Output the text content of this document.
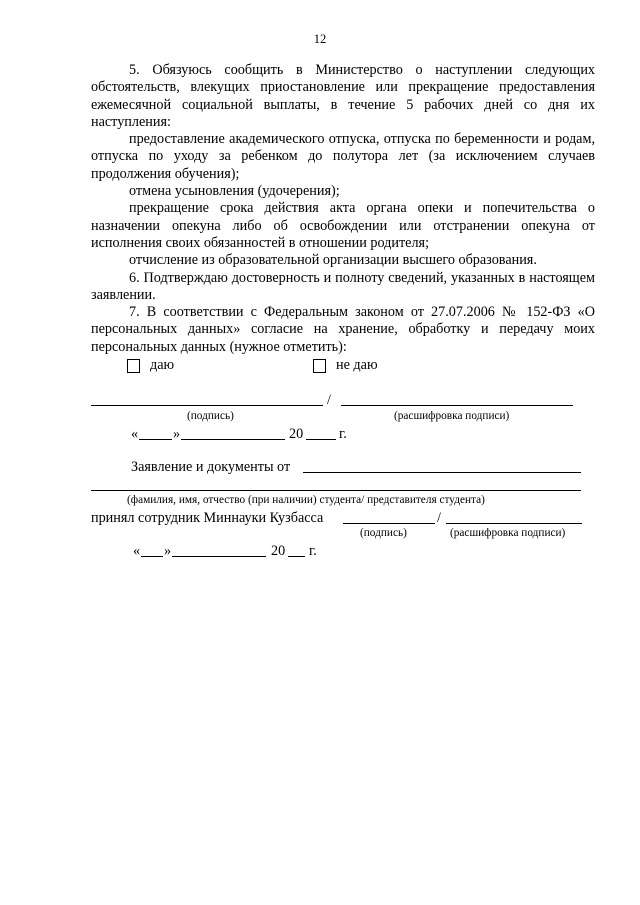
12

5. Обязуюсь сообщить в Министерство о наступлении следующих обстоятельств, влекущих приостановление или прекращение предоставления ежемесячной социальной выплаты, в течение 5 рабочих дней со дня их наступления:

предоставление академического отпуска, отпуска по беременности и родам, отпуска по уходу за ребенком до полутора лет (за исключением случаев продолжения обучения);

отмена усыновления (удочерения);

прекращение срока действия акта органа опеки и попечительства о назначении опекуна либо об освобождении или отстранении опекуна от исполнения своих обязанностей в отношении родителя;

отчисление из образовательной организации высшего образования.

6. Подтверждаю достоверность и полноту сведений, указанных в настоящем заявлении.

7. В соответствии с Федеральным законом от 27.07.2006 № 152-ФЗ «О персональных данных» согласие на хранение, обработку и передачу моих персональных данных (нужное отметить):

даю	не даю
/
(подпись)	(расшифровка подписи)
« »	20	г.
Заявление и документы от
(фамилия, имя, отчество (при наличии) студента/ представителя студента)
принял сотрудник Миннауки Кузбасса	/
(подпись)	(расшифровка подписи)
« »	20 г.
